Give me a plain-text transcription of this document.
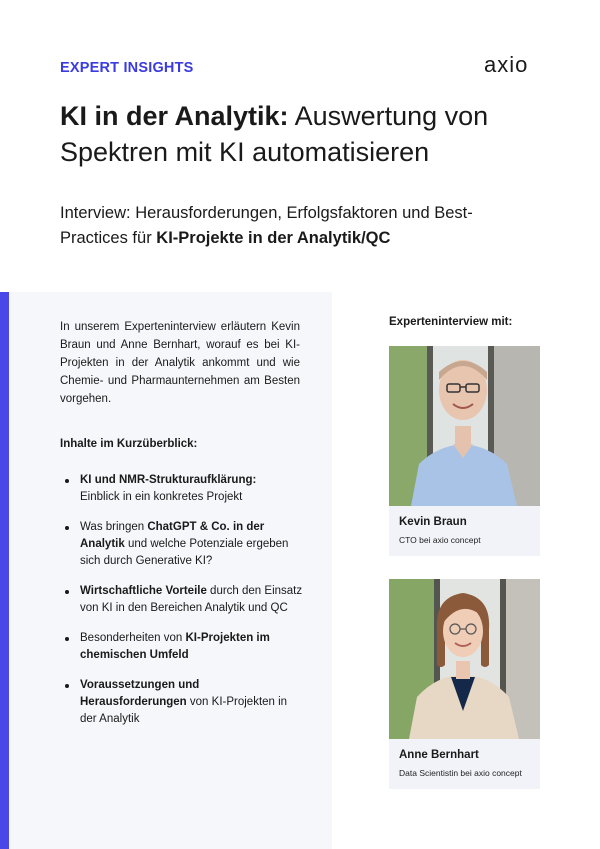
EXPERT INSIGHTS	axio
KI in der Analytik: Auswertung von Spektren mit KI automatisieren
Interview: Herausforderungen, Erfolgsfaktoren und Best-Practices für KI-Projekte in der Analytik/QC
In unserem Experteninterview erläutern Kevin Braun und Anne Bernhart, worauf es bei KI-Projekten in der Analytik ankommt und wie Chemie- und Pharmaunternehmen am Besten vorgehen.
Inhalte im Kurzüberblick:
KI und NMR-Strukturaufklärung:
Einblick in ein konkretes Projekt
Was bringen ChatGPT & Co. in der Analytik und welche Potenziale ergeben sich durch Generative KI?
Wirtschaftliche Vorteile durch den Einsatz von KI in den Bereichen Analytik und QC
Besonderheiten von KI-Projekten im chemischen Umfeld
Voraussetzungen und Herausforderungen von KI-Projekten in der Analytik
Experteninterview mit:
Kevin Braun
CTO bei axio concept
Anne Bernhart
Data Scientistin bei axio concept
